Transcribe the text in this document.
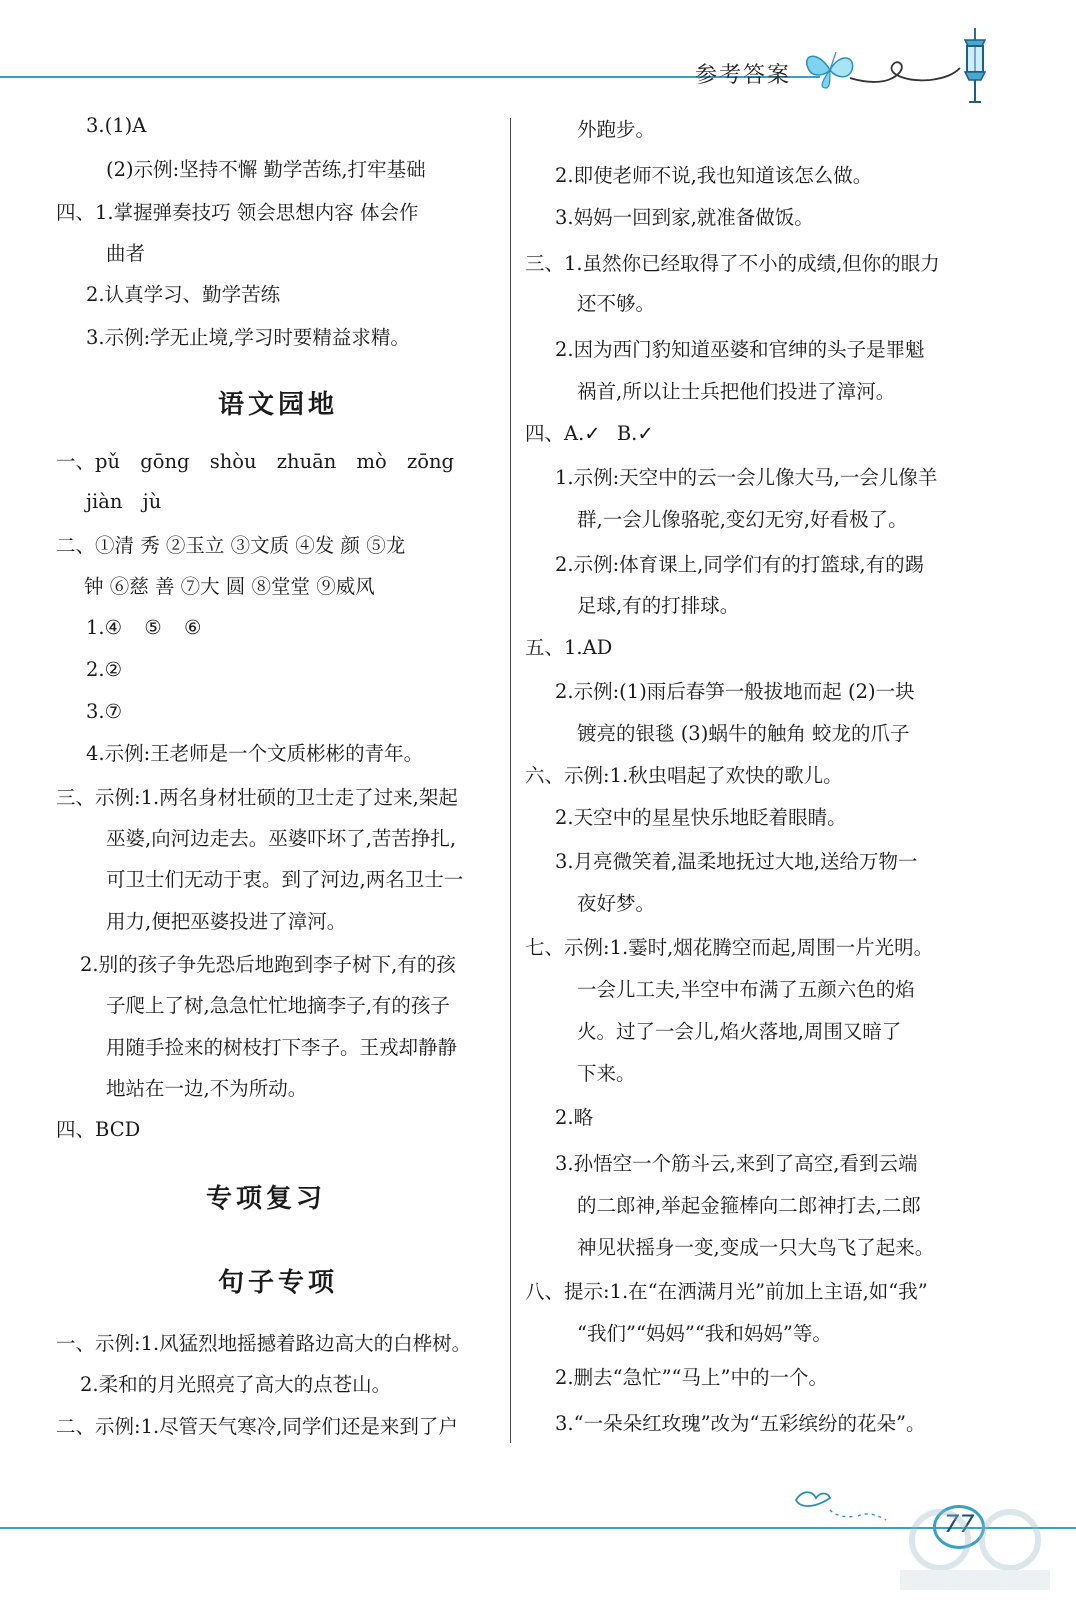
参考答案
3.(1)A
(2)示例:坚持不懈 勤学苦练,打牢基础
四、1.掌握弹奏技巧 领会思想内容 体会作
曲者
2.认真学习、勤学苦练
3.示例:学无止境,学习时要精益求精。
语文园地
一、pǔ gōng shòu zhuān mò zōng
jiàn jù
二、①清 秀 ②玉立 ③文质 ④发 颜 ⑤龙
钟 ⑥慈 善 ⑦大 圆 ⑧堂堂 ⑨威风
1.④ ⑤ ⑥
2.②
3.⑦
4.示例:王老师是一个文质彬彬的青年。
三、示例:1.两名身材壮硕的卫士走了过来,架起
巫婆,向河边走去。巫婆吓坏了,苦苦挣扎,
可卫士们无动于衷。到了河边,两名卫士一
用力,便把巫婆投进了漳河。
2.别的孩子争先恐后地跑到李子树下,有的孩
子爬上了树,急急忙忙地摘李子,有的孩子
用随手捡来的树枝打下李子。王戎却静静
地站在一边,不为所动。
四、BCD
专项复习
句子专项
一、示例:1.风猛烈地摇撼着路边高大的白桦树。
2.柔和的月光照亮了高大的点苍山。
二、示例:1.尽管天气寒冷,同学们还是来到了户
外跑步。
2.即使老师不说,我也知道该怎么做。
3.妈妈一回到家,就准备做饭。
三、1.虽然你已经取得了不小的成绩,但你的眼力
还不够。
2.因为西门豹知道巫婆和官绅的头子是罪魁
祸首,所以让士兵把他们投进了漳河。
四、A.✓ B.✓
1.示例:天空中的云一会儿像大马,一会儿像羊
群,一会儿像骆驼,变幻无穷,好看极了。
2.示例:体育课上,同学们有的打篮球,有的踢
足球,有的打排球。
五、1.AD
2.示例:(1)雨后春笋一般拔地而起 (2)一块
镀亮的银毯 (3)蜗牛的触角 蛟龙的爪子
六、示例:1.秋虫唱起了欢快的歌儿。
2.天空中的星星快乐地眨着眼睛。
3.月亮微笑着,温柔地抚过大地,送给万物一
夜好梦。
七、示例:1.霎时,烟花腾空而起,周围一片光明。
一会儿工夫,半空中布满了五颜六色的焰
火。过了一会儿,焰火落地,周围又暗了
下来。
2.略
3.孙悟空一个筋斗云,来到了高空,看到云端
的二郎神,举起金箍棒向二郎神打去,二郎
神见状摇身一变,变成一只大鸟飞了起来。
八、提示:1.在“在洒满月光”前加上主语,如“我”
“我们”“妈妈”“我和妈妈”等。
2.删去“急忙”“马上”中的一个。
3.“一朵朵红玫瑰”改为“五彩缤纷的花朵”。
77
